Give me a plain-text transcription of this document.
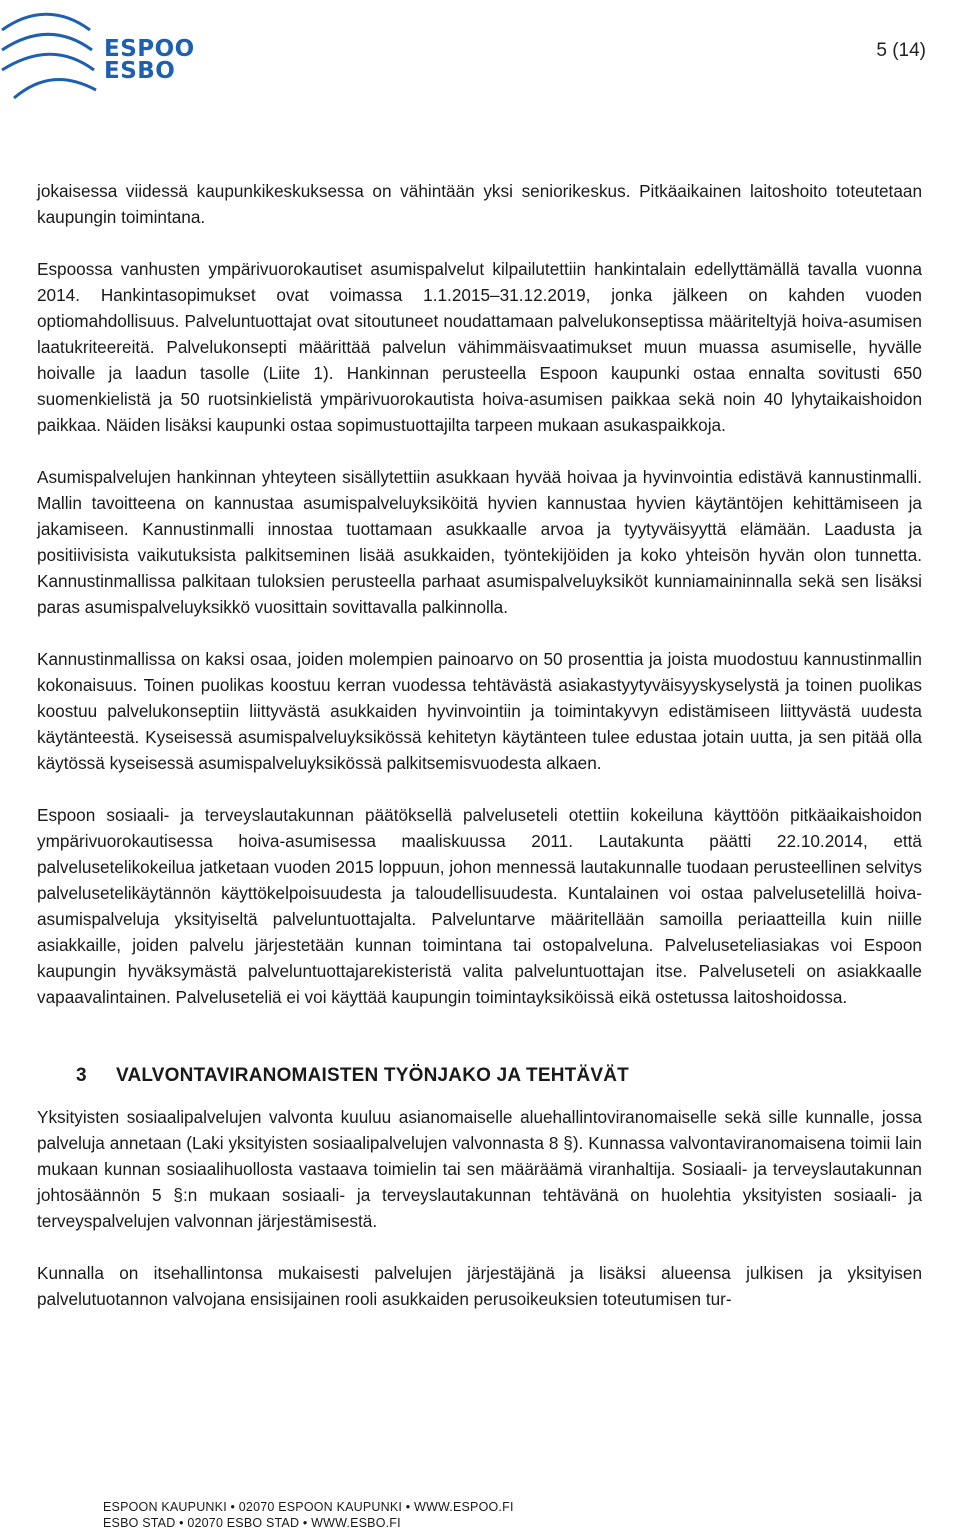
ESPOO
ESBO
5 (14)

jokaisessa viidessä kaupunkikeskuksessa on vähintään yksi seniorikeskus. Pitkäaikainen laitoshoito toteutetaan kaupungin toimintana.

Espoossa vanhusten ympärivuorokautiset asumispalvelut kilpailutettiin hankintalain edellyttämällä tavalla vuonna 2014. Hankintasopimukset ovat voimassa 1.1.2015–31.12.2019, jonka jälkeen on kahden vuoden optiomahdollisuus. Palveluntuottajat ovat sitoutuneet noudattamaan palvelukonseptissa määriteltyjä hoiva-asumisen laatukriteereitä. Palvelukonsepti määrittää palvelun vähimmäisvaatimukset muun muassa asumiselle, hyvälle hoivalle ja laadun tasolle (Liite 1). Hankinnan perusteella Espoon kaupunki ostaa ennalta sovitusti 650 suomenkielistä ja 50 ruotsinkielistä ympärivuorokautista hoiva-asumisen paikkaa sekä noin 40 lyhytaikaishoidon paikkaa. Näiden lisäksi kaupunki ostaa sopimustuottajilta tarpeen mukaan asukaspaikkoja.

Asumispalvelujen hankinnan yhteyteen sisällytettiin asukkaan hyvää hoivaa ja hyvinvointia edistävä kannustinmalli. Mallin tavoitteena on kannustaa asumispalveluyksiköitä hyvien kannustaa hyvien käytäntöjen kehittämiseen ja jakamiseen. Kannustinmalli innostaa tuottamaan asukkaalle arvoa ja tyytyväisyyttä elämään. Laadusta ja positiivisista vaikutuksista palkitseminen lisää asukkaiden, työntekijöiden ja koko yhteisön hyvän olon tunnetta. Kannustinmallissa palkitaan tuloksien perusteella parhaat asumispalveluyksiköt kunniamaininnalla sekä sen lisäksi paras asumispalveluyksikkö vuosittain sovittavalla palkinnolla.

Kannustinmallissa on kaksi osaa, joiden molempien painoarvo on 50 prosenttia ja joista muodostuu kannustinmallin kokonaisuus. Toinen puolikas koostuu kerran vuodessa tehtävästä asiakastyytyväisyyskyselystä ja toinen puolikas koostuu palvelukonseptiin liittyvästä asukkaiden hyvinvointiin ja toimintakyvyn edistämiseen liittyvästä uudesta käytänteestä. Kyseisessä asumispalveluyksikössä kehitetyn käytänteen tulee edustaa jotain uutta, ja sen pitää olla käytössä kyseisessä asumispalveluyksikössä palkitsemisvuodesta alkaen.

Espoon sosiaali- ja terveyslautakunnan päätöksellä palveluseteli otettiin kokeiluna käyttöön pitkäaikaishoidon ympärivuorokautisessa hoiva-asumisessa maaliskuussa 2011. Lautakunta päätti 22.10.2014, että palvelusetelikokeilua jatketaan vuoden 2015 loppuun, johon mennessä lautakunnalle tuodaan perusteellinen selvitys palvelusetelikäytännön käyttökelpoisuudesta ja taloudellisuudesta. Kuntalainen voi ostaa palvelusetelillä hoiva-asumispalveluja yksityiseltä palveluntuottajalta. Palveluntarve määritellään samoilla periaatteilla kuin niille asiakkaille, joiden palvelu järjestetään kunnan toimintana tai ostopalveluna. Palveluseteliasiakas voi Espoon kaupungin hyväksymästä palveluntuottajarekisteristä valita palveluntuottajan itse. Palveluseteli on asiakkaalle vapaavalintainen. Palveluseteliä ei voi käyttää kaupungin toimintayksiköissä eikä ostetussa laitoshoidossa.

3	VALVONTAVIRANOMAISTEN TYÖNJAKO JA TEHTÄVÄT

Yksityisten sosiaalipalvelujen valvonta kuuluu asianomaiselle aluehallintoviranomaiselle sekä sille kunnalle, jossa palveluja annetaan (Laki yksityisten sosiaalipalvelujen valvonnasta 8 §). Kunnassa valvontaviranomaisena toimii lain mukaan kunnan sosiaalihuollosta vastaava toimielin tai sen määräämä viranhaltija. Sosiaali- ja terveyslautakunnan johtosäännön 5 §:n mukaan sosiaali- ja terveyslautakunnan tehtävänä on huolehtia yksityisten sosiaali- ja terveyspalvelujen valvonnan järjestämisestä.

Kunnalla on itsehallintonsa mukaisesti palvelujen järjestäjänä ja lisäksi alueensa julkisen ja yksityisen palvelutuotannon valvojana ensisijainen rooli asukkaiden perusoikeuksien toteutumisen tur-

ESPOON KAUPUNKI • 02070 ESPOON KAUPUNKI • WWW.ESPOO.FI
ESBO STAD • 02070 ESBO STAD • WWW.ESBO.FI
